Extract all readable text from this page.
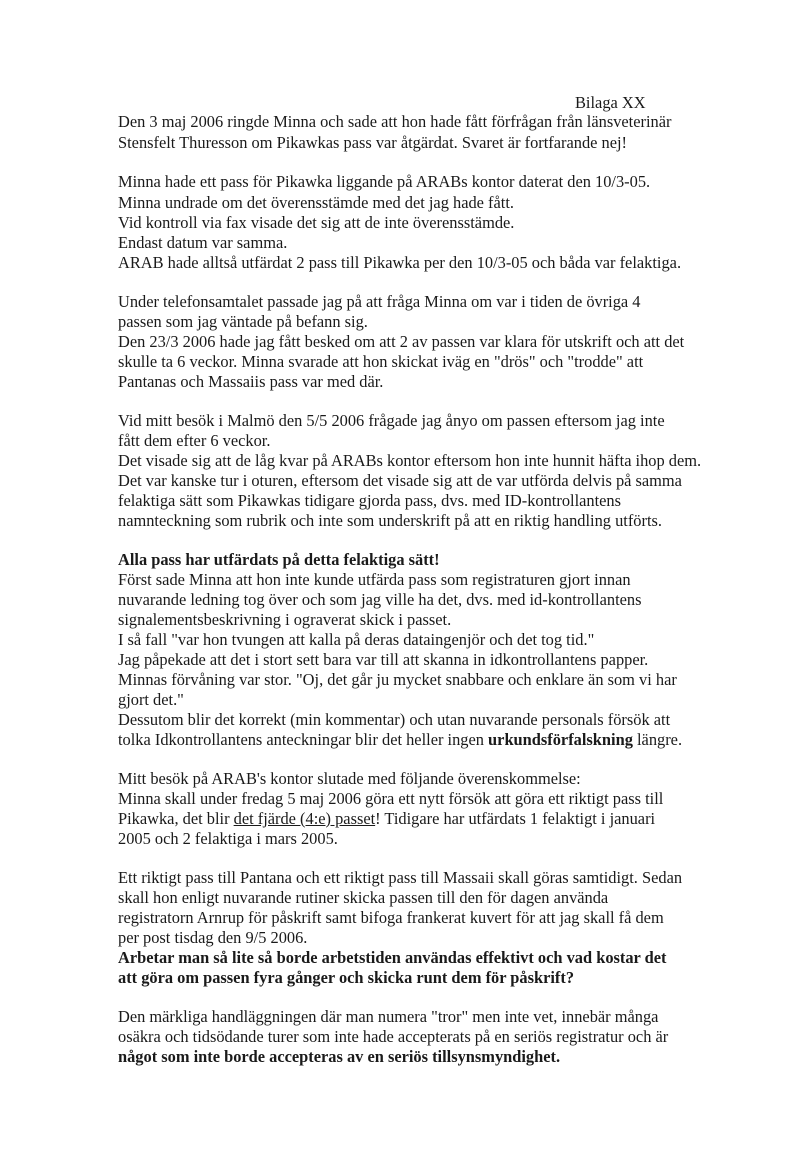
Bilaga XX
Den 3 maj 2006 ringde Minna och sade att hon hade fått förfrågan från länsveterinär
Stensfelt Thuresson om Pikawkas pass var åtgärdat. Svaret är fortfarande nej!
Minna hade ett pass för Pikawka liggande på ARABs kontor daterat den 10/3-05.
Minna undrade om det överensstämde med det jag hade fått.
Vid kontroll via fax visade det sig att de inte överensstämde.
Endast datum var samma.
ARAB hade alltså utfärdat 2 pass till Pikawka per den 10/3-05 och båda var felaktiga.
Under telefonsamtalet passade jag på att fråga Minna om var i tiden de övriga 4
passen som jag väntade på befann sig.
Den 23/3 2006 hade jag fått besked om att 2 av passen var klara för utskrift och att det
skulle ta 6 veckor. Minna svarade att hon skickat iväg en "drös" och "trodde" att
Pantanas och Massaiis pass var med där.
Vid mitt besök i Malmö den 5/5 2006 frågade jag ånyo om passen eftersom jag inte
fått dem efter 6 veckor.
Det visade sig att de låg kvar på ARABs kontor eftersom hon inte hunnit häfta ihop dem.
Det var kanske tur i oturen, eftersom det visade sig att de var utförda delvis på samma
felaktiga sätt som Pikawkas tidigare gjorda pass, dvs. med ID-kontrollantens
namnteckning som rubrik och inte som underskrift på att en riktig handling utförts.
Alla pass har utfärdats på detta felaktiga sätt!
Först sade Minna att hon inte kunde utfärda pass som registraturen gjort innan
nuvarande ledning tog över och som jag ville ha det, dvs. med id-kontrollantens
signalementsbeskrivning i ograverat skick i passet.
I så fall "var hon tvungen att kalla på deras dataingenjör och det tog tid."
Jag påpekade att det i stort sett bara var till att skanna in idkontrollantens papper.
Minnas förvåning var stor. "Oj, det går ju mycket snabbare och enklare än som vi har
gjort det."
Dessutom blir det korrekt (min kommentar) och utan nuvarande personals försök att
tolka Idkontrollantens anteckningar blir det heller ingen urkundsförfalskning längre.
Mitt besök på ARAB's kontor slutade med följande överenskommelse:
Minna skall under fredag 5 maj 2006 göra ett nytt försök att göra ett riktigt pass till
Pikawka, det blir det fjärde (4:e) passet! Tidigare har utfärdats 1 felaktigt i januari
2005 och 2 felaktiga i mars 2005.
Ett riktigt pass till Pantana och ett riktigt pass till Massaii skall göras samtidigt. Sedan
skall hon enligt nuvarande rutiner skicka passen till den för dagen använda
registratorn Arnrup för påskrift samt bifoga frankerat kuvert för att jag skall få dem
per post tisdag den 9/5 2006.
Arbetar man så lite så borde arbetstiden användas effektivt och vad kostar det
att göra om passen fyra gånger och skicka runt dem för påskrift?
Den märkliga handläggningen där man numera "tror" men inte vet, innebär många
osäkra och tidsödande turer som inte hade accepterats på en seriös registratur och är
något som inte borde accepteras av en seriös tillsynsmyndighet.
